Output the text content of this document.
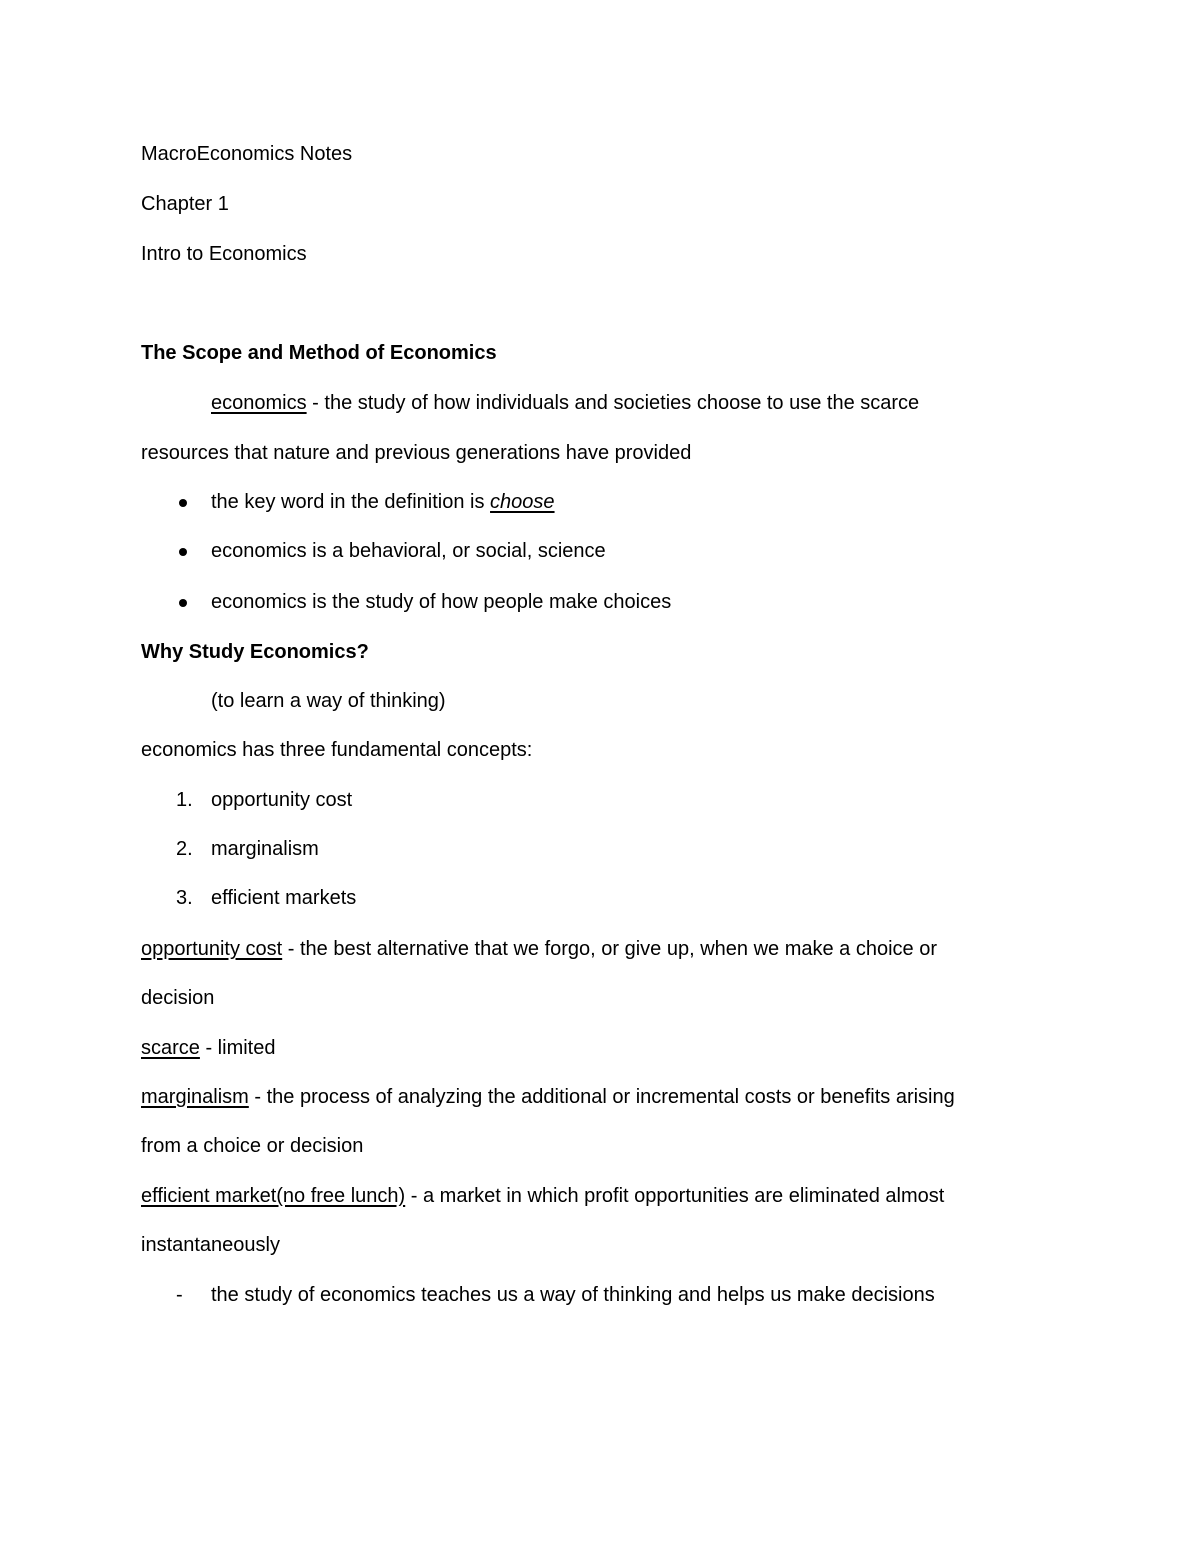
MacroEconomics Notes
Chapter 1
Intro to Economics
The Scope and Method of Economics
economics - the study of how individuals and societies choose to use the scarce
resources that nature and previous generations have provided
the key word in the definition is choose
economics is a behavioral, or social, science
economics is the study of how people make choices
Why Study Economics?
(to learn a way of thinking)
economics has three fundamental concepts:
1. opportunity cost
2. marginalism
3. efficient markets
opportunity cost - the best alternative that we forgo, or give up, when we make a choice or
decision
scarce - limited
marginalism - the process of analyzing the additional or incremental costs or benefits arising
from a choice or decision
efficient market(no free lunch) - a market in which profit opportunities are eliminated almost
instantaneously
- the study of economics teaches us a way of thinking and helps us make decisions
